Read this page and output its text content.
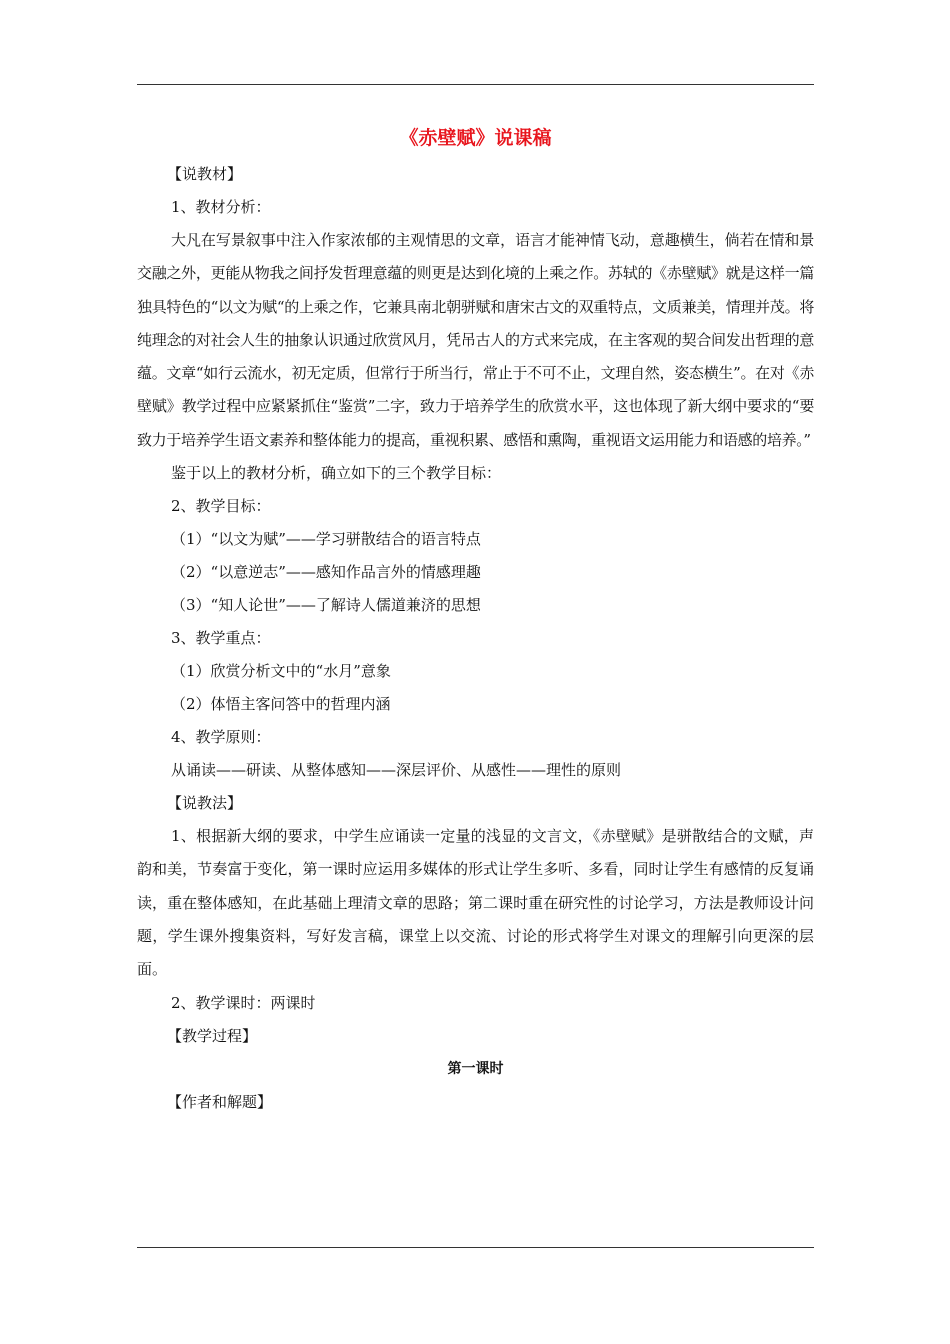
《赤壁赋》说课稿

【说教材】

1、教材分析：

大凡在写景叙事中注入作家浓郁的主观情思的文章，语言才能神情飞动，意趣横生，倘若在情和景交融之外，更能从物我之间抒发哲理意蕴的则更是达到化境的上乘之作。苏轼的《赤壁赋》就是这样一篇独具特色的“以文为赋“的上乘之作，它兼具南北朝骈赋和唐宋古文的双重特点，文质兼美，情理并茂。将纯理念的对社会人生的抽象认识通过欣赏风月，凭吊古人的方式来完成，在主客观的契合间发出哲理的意蕴。文章“如行云流水，初无定质，但常行于所当行，常止于不可不止，文理自然，姿态横生”。在对《赤壁赋》教学过程中应紧紧抓住“鉴赏”二字，致力于培养学生的欣赏水平，这也体现了新大纲中要求的“要致力于培养学生语文素养和整体能力的提高，重视积累、感悟和熏陶，重视语文运用能力和语感的培养。”

鉴于以上的教材分析，确立如下的三个教学目标：

2、教学目标：

（1）“以文为赋”——学习骈散结合的语言特点

（2）“以意逆志”——感知作品言外的情感理趣

（3）“知人论世”——了解诗人儒道兼济的思想

3、教学重点：

（1）欣赏分析文中的“水月”意象

（2）体悟主客问答中的哲理内涵

4、教学原则：

从诵读——研读、从整体感知——深层评价、从感性——理性的原则

【说教法】

1、根据新大纲的要求，中学生应诵读一定量的浅显的文言文，《赤壁赋》是骈散结合的文赋，声韵和美，节奏富于变化，第一课时应运用多媒体的形式让学生多听、多看，同时让学生有感情的反复诵读，重在整体感知，在此基础上理清文章的思路；第二课时重在研究性的讨论学习，方法是教师设计问题，学生课外搜集资料，写好发言稿，课堂上以交流、讨论的形式将学生对课文的理解引向更深的层面。

2、教学课时：两课时

【教学过程】

第一课时

【作者和解题】
